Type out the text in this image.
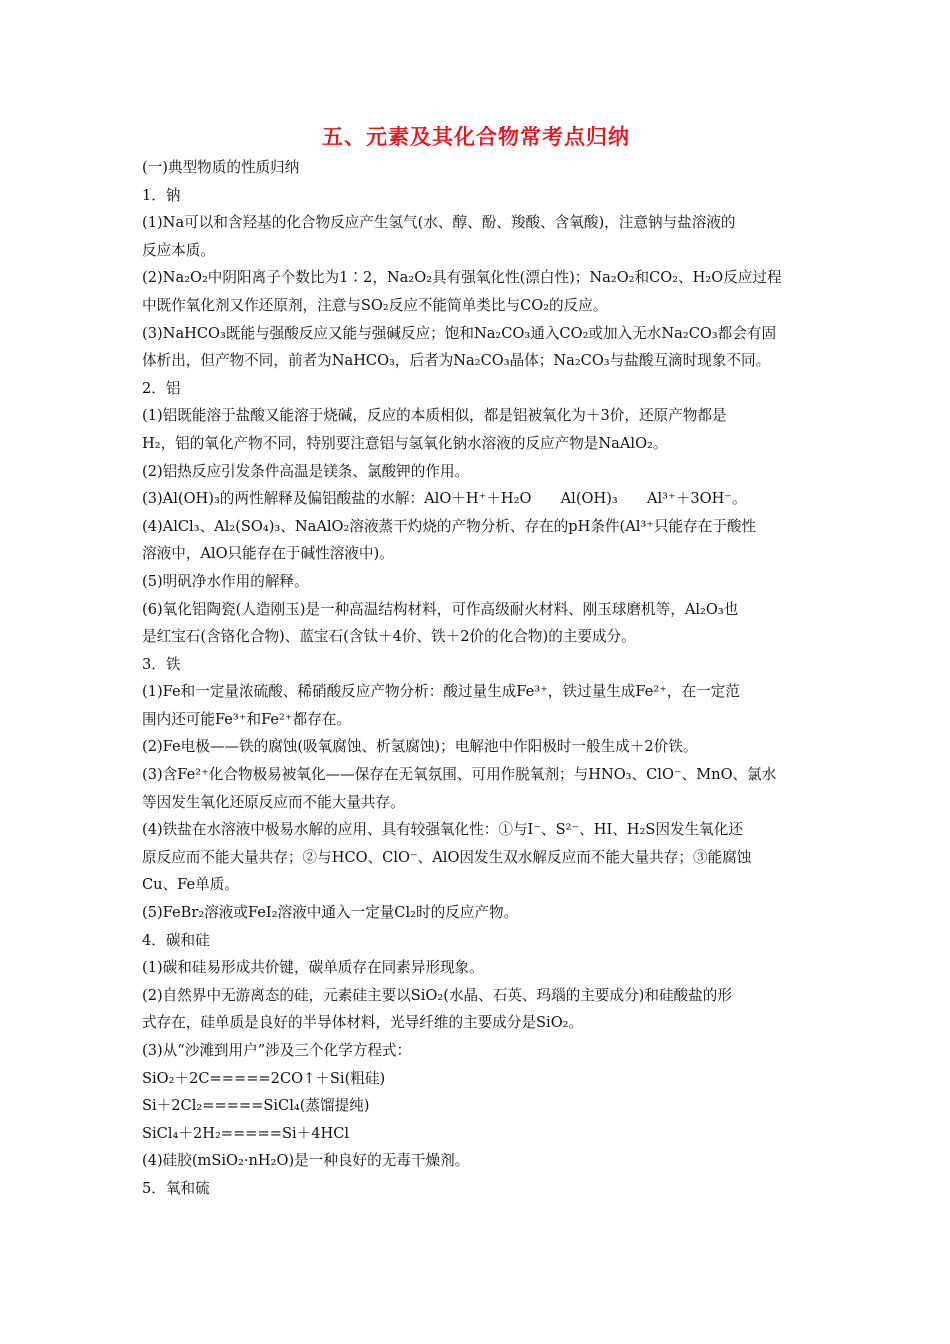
五、元素及其化合物常考点归纳
(一)典型物质的性质归纳
1．钠
(1)Na可以和含羟基的化合物反应产生氢气(水、醇、酚、羧酸、含氧酸)，注意钠与盐溶液的
反应本质。
(2)Na₂O₂中阴阳离子个数比为1∶2，Na₂O₂具有强氧化性(漂白性)；Na₂O₂和CO₂、H₂O反应过程
中既作氧化剂又作还原剂，注意与SO₂反应不能简单类比与CO₂的反应。
(3)NaHCO₃既能与强酸反应又能与强碱反应；饱和Na₂CO₃通入CO₂或加入无水Na₂CO₃都会有固
体析出，但产物不同，前者为NaHCO₃，后者为Na₂CO₃晶体；Na₂CO₃与盐酸互滴时现象不同。
2．铝
(1)铝既能溶于盐酸又能溶于烧碱，反应的本质相似，都是铝被氧化为＋3价，还原产物都是
H₂，铝的氧化产物不同，特别要注意铝与氢氧化钠水溶液的反应产物是NaAlO₂。
(2)铝热反应引发条件高温是镁条、氯酸钾的作用。
(3)Al(OH)₃的两性解释及偏铝酸盐的水解：AlO＋H⁺＋H₂O　　Al(OH)₃　　Al³⁺＋3OH⁻。
(4)AlCl₃、Al₂(SO₄)₃、NaAlO₂溶液蒸干灼烧的产物分析、存在的pH条件(Al³⁺只能存在于酸性
溶液中，AlO只能存在于碱性溶液中)。
(5)明矾净水作用的解释。
(6)氧化铝陶瓷(人造刚玉)是一种高温结构材料，可作高级耐火材料、刚玉球磨机等，Al₂O₃也
是红宝石(含铬化合物)、蓝宝石(含钛＋4价、铁＋2价的化合物)的主要成分。
3．铁
(1)Fe和一定量浓硫酸、稀硝酸反应产物分析：酸过量生成Fe³⁺，铁过量生成Fe²⁺，在一定范
围内还可能Fe³⁺和Fe²⁺都存在。
(2)Fe电极——铁的腐蚀(吸氧腐蚀、析氢腐蚀)；电解池中作阳极时一般生成＋2价铁。
(3)含Fe²⁺化合物极易被氧化——保存在无氧氛围、可用作脱氧剂；与HNO₃、ClO⁻、MnO、氯水
等因发生氧化还原反应而不能大量共存。
(4)铁盐在水溶液中极易水解的应用、具有较强氧化性：①与I⁻、S²⁻、HI、H₂S因发生氧化还
原反应而不能大量共存；②与HCO、ClO⁻、AlO因发生双水解反应而不能大量共存；③能腐蚀
Cu、Fe单质。
(5)FeBr₂溶液或FeI₂溶液中通入一定量Cl₂时的反应产物。
4．碳和硅
(1)碳和硅易形成共价键，碳单质存在同素异形现象。
(2)自然界中无游离态的硅，元素硅主要以SiO₂(水晶、石英、玛瑙的主要成分)和硅酸盐的形
式存在，硅单质是良好的半导体材料，光导纤维的主要成分是SiO₂。
(3)从“沙滩到用户”涉及三个化学方程式：
SiO₂＋2C=====2CO↑＋Si(粗硅)
Si＋2Cl₂=====SiCl₄(蒸馏提纯)
SiCl₄＋2H₂=====Si＋4HCl
(4)硅胶(mSiO₂·nH₂O)是一种良好的无毒干燥剂。
5．氧和硫
